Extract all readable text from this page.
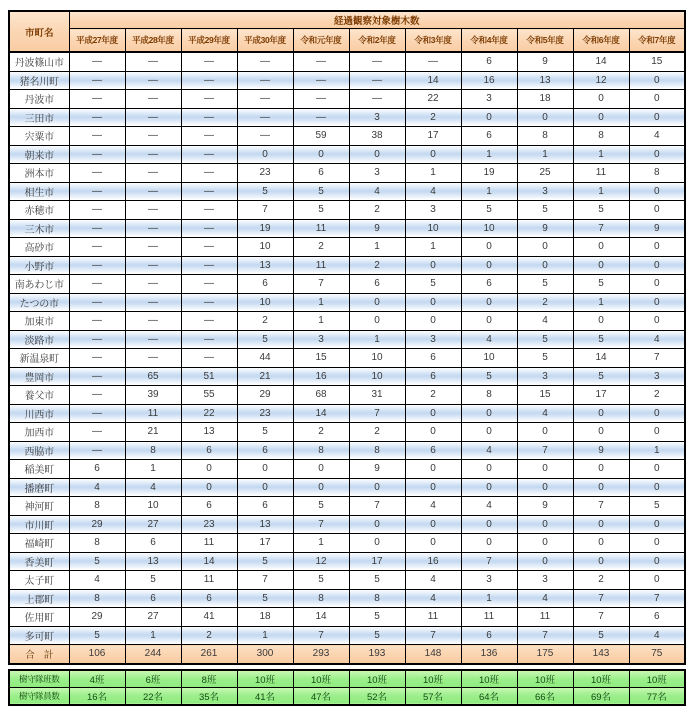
市町名	経過観察対象樹木数										
	平成27年度	平成28年度	平成29年度	平成30年度	令和元年度	令和2年度	令和3年度	令和4年度	令和5年度	令和6年度	令和7年度
丹波篠山市	―	―	―	―	―	―	―	6	9	14	15
猪名川町	―	―	―	―	―	―	14	16	13	12	0
丹波市	―	―	―	―	―	―	22	3	18	0	0
三田市	―	―	―	―	―	3	2	0	0	0	0
宍粟市	―	―	―	―	59	38	17	6	8	8	4
朝来市	―	―	―	0	0	0	0	1	1	1	0
洲本市	―	―	―	23	6	3	1	19	25	11	8
相生市	―	―	―	5	5	4	4	1	3	1	0
赤穂市	―	―	―	7	5	2	3	5	5	5	0
三木市	―	―	―	19	11	9	10	10	9	7	9
高砂市	―	―	―	10	2	1	1	0	0	0	0
小野市	―	―	―	13	11	2	0	0	0	0	0
南あわじ市	―	―	―	6	7	6	5	6	5	5	0
たつの市	―	―	―	10	1	0	0	0	2	1	0
加東市	―	―	―	2	1	0	0	0	4	0	0
淡路市	―	―	―	5	3	1	3	4	5	5	4
新温泉町	―	―	―	44	15	10	6	10	5	14	7
豊岡市	―	65	51	21	16	10	6	5	3	5	3
養父市	―	39	55	29	68	31	2	8	15	17	2
川西市	―	11	22	23	14	7	0	0	4	0	0
加西市	―	21	13	5	2	2	0	0	0	0	0
西脇市	―	8	6	6	8	8	6	4	7	9	1
稲美町	6	1	0	0	0	9	0	0	0	0	0
播磨町	4	4	0	0	0	0	0	0	0	0	0
神河町	8	10	6	6	5	7	4	4	9	7	5
市川町	29	27	23	13	7	0	0	0	0	0	0
福崎町	8	6	11	17	1	0	0	0	0	0	0
香美町	5	13	14	5	12	17	16	7	0	0	0
太子町	4	5	11	7	5	5	4	3	3	2	0
上郡町	8	6	6	5	8	8	4	1	4	7	7
佐用町	29	27	41	18	14	5	11	11	11	7	6
多可町	5	1	2	1	7	5	7	6	7	5	4
合　計	106	244	261	300	293	193	148	136	175	143	75
樹守隊班数	4班	6班	8班	10班	10班	10班	10班	10班	10班	10班	10班
樹守隊員数	16名	22名	35名	41名	47名	52名	57名	64名	66名	69名	77名
